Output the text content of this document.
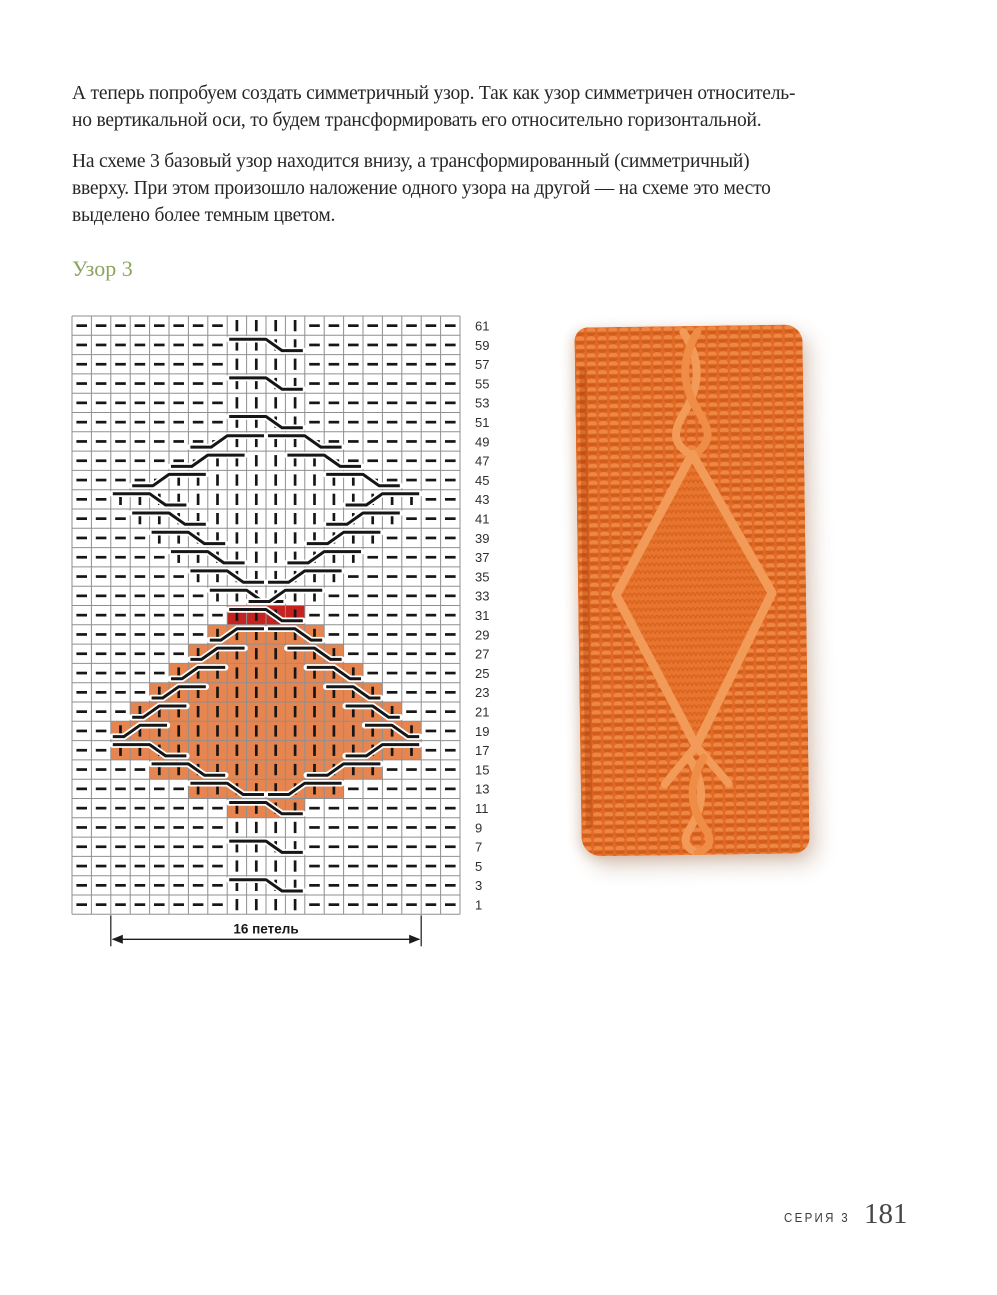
А теперь попробуем создать симметричный узор. Так как узор симметричен относитель-
но вертикальной оси, то будем трансформировать его относительно горизонтальной.
На схеме 3 базовый узор находится внизу, а трансформированный (симметричный)
вверху. При этом произошло наложение одного узора на другой — на схеме это место
выделено более темным цветом.
Узор 3
61
59
57
55
53
51
49
47
45
43
41
39
37
35
33
31
29
27
25
23
21
19
17
15
13
11
9
7
5
3
1
16 петель
СЕРИЯ 3 181
